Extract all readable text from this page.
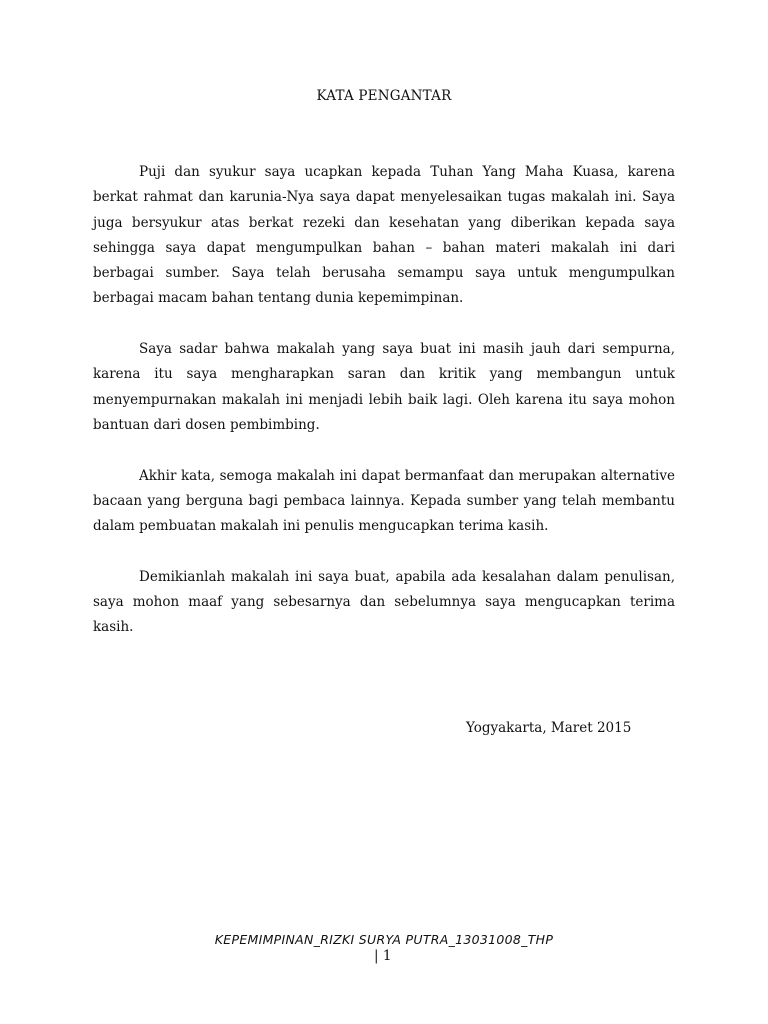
KATA PENGANTAR

Puji dan syukur saya ucapkan kepada Tuhan Yang Maha Kuasa, karena berkat rahmat dan karunia-Nya saya dapat menyelesaikan tugas makalah ini. Saya juga bersyukur atas berkat rezeki dan kesehatan yang diberikan kepada saya sehingga saya dapat mengumpulkan bahan – bahan materi makalah ini dari berbagai sumber. Saya telah berusaha semampu saya untuk mengumpulkan berbagai macam bahan tentang dunia kepemimpinan.

Saya sadar bahwa makalah yang saya buat ini masih jauh dari sempurna, karena itu saya mengharapkan saran dan kritik yang membangun untuk menyempurnakan makalah ini menjadi lebih baik lagi. Oleh karena itu saya mohon bantuan dari dosen pembimbing.

Akhir kata, semoga makalah ini dapat bermanfaat dan merupakan alternative bacaan yang berguna bagi pembaca lainnya. Kepada sumber yang telah membantu dalam pembuatan makalah ini penulis mengucapkan terima kasih.

Demikianlah makalah ini saya buat, apabila ada kesalahan dalam penulisan, saya mohon maaf yang sebesarnya dan sebelumnya saya mengucapkan terima kasih.

Yogyakarta, Maret 2015
KEPEMIMPINAN_RIZKI SURYA PUTRA_13031008_THP
| 1
